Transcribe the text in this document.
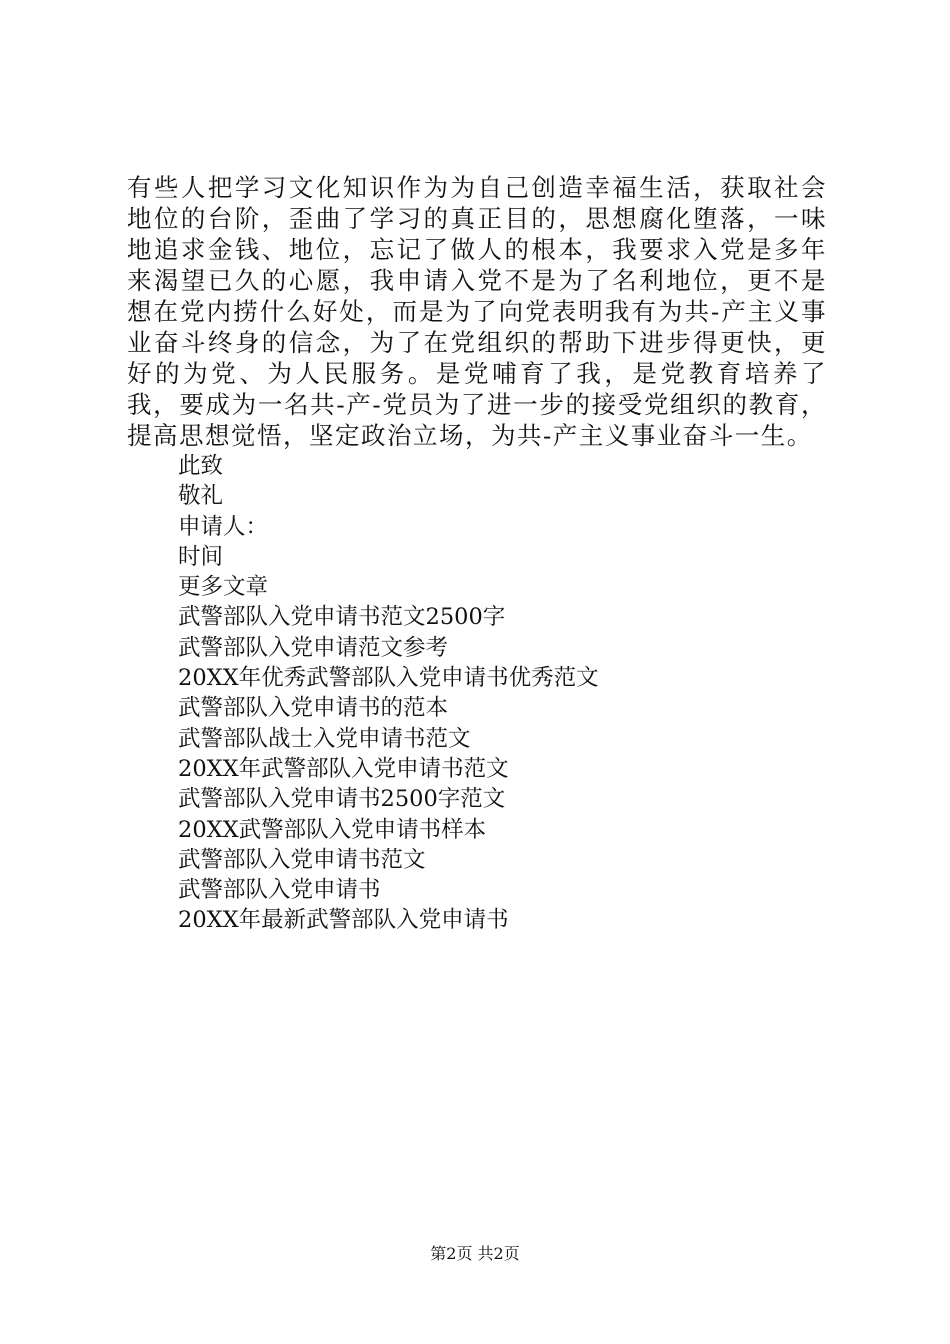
有些人把学习文化知识作为为自己创造幸福生活，获取社会地位的台阶，歪曲了学习的真正目的，思想腐化堕落，一味地追求金钱、地位，忘记了做人的根本，我要求入党是多年来渴望已久的心愿，我申请入党不是为了名利地位，更不是想在党内捞什么好处，而是为了向党表明我有为共-产主义事业奋斗终身的信念，为了在党组织的帮助下进步得更快，更好的为党、为人民服务。是党哺育了我，是党教育培养了我，要成为一名共-产-党员为了进一步的接受党组织的教育，提高思想觉悟，坚定政治立场，为共-产主义事业奋斗一生。

此致
敬礼
申请人：
时间
更多文章
武警部队入党申请书范文2500字
武警部队入党申请范文参考
20XX年优秀武警部队入党申请书优秀范文
武警部队入党申请书的范本
武警部队战士入党申请书范文
20XX年武警部队入党申请书范文
武警部队入党申请书2500字范文
20XX武警部队入党申请书样本
武警部队入党申请书范文
武警部队入党申请书
20XX年最新武警部队入党申请书
第2页 共2页
